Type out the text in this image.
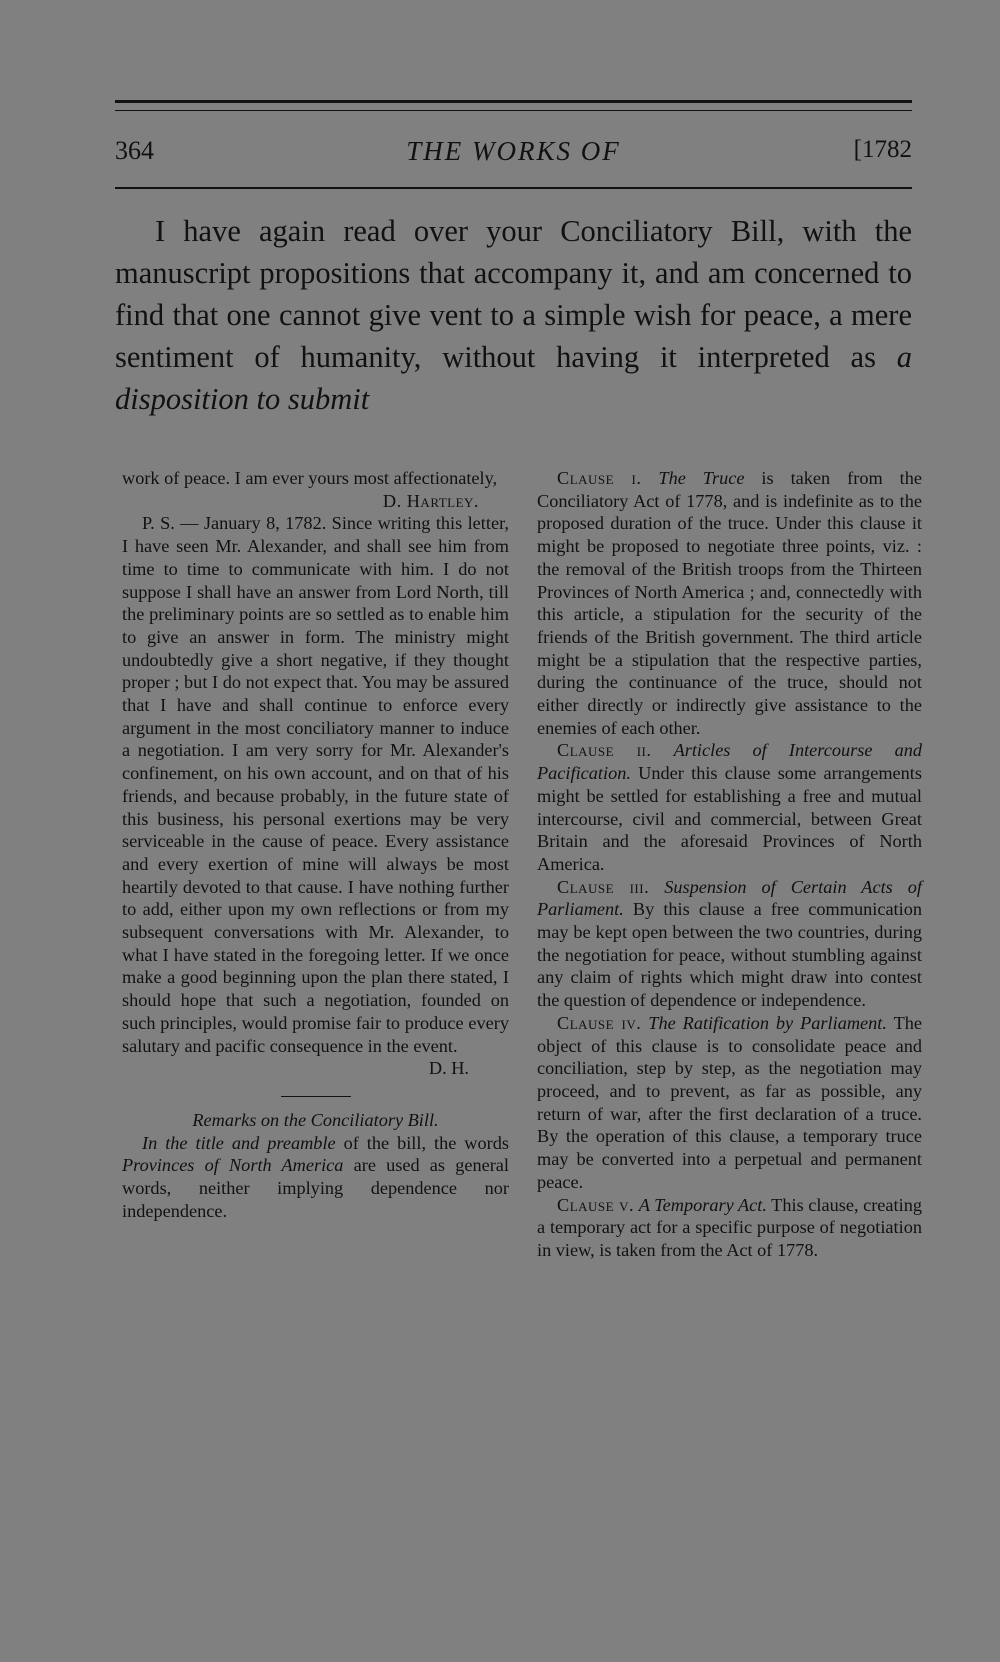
364	THE WORKS OF	[1782

I have again read over your Conciliatory Bill, with the manuscript propositions that accompany it, and am concerned to find that one cannot give vent to a simple wish for peace, a mere sentiment of humanity, without having it interpreted as a disposition to submit

work of peace. I am ever yours most affectionately,
D. Hartley.

P. S. — January 8, 1782. Since writing this letter, I have seen Mr. Alexander, and shall see him from time to time to communicate with him. I do not suppose I shall have an answer from Lord North, till the preliminary points are so settled as to enable him to give an answer in form. The ministry might undoubtedly give a short negative, if they thought proper ; but I do not expect that. You may be assured that I have and shall continue to enforce every argument in the most conciliatory manner to induce a negotiation. I am very sorry for Mr. Alexander's confinement, on his own account, and on that of his friends, and because probably, in the future state of this business, his personal exertions may be very serviceable in the cause of peace. Every assistance and every exertion of mine will always be most heartily devoted to that cause. I have nothing further to add, either upon my own reflections or from my subsequent conversations with Mr. Alexander, to what I have stated in the foregoing letter. If we once make a good beginning upon the plan there stated, I should hope that such a negotiation, founded on such principles, would promise fair to produce every salutary and pacific consequence in the event.

D. H.

Remarks on the Conciliatory Bill.

In the title and preamble of the bill, the words Provinces of North America are used as general words, neither implying dependence nor independence.

Clause i. The Truce is taken from the Conciliatory Act of 1778, and is indefinite as to the proposed duration of the truce. Under this clause it might be proposed to negotiate three points, viz. : the removal of the British troops from the Thirteen Provinces of North America ; and, connectedly with this article, a stipulation for the security of the friends of the British government. The third article might be a stipulation that the respective parties, during the continuance of the truce, should not either directly or indirectly give assistance to the enemies of each other.

Clause ii. Articles of Intercourse and Pacification. Under this clause some arrangements might be settled for establishing a free and mutual intercourse, civil and commercial, between Great Britain and the aforesaid Provinces of North America.

Clause iii. Suspension of Certain Acts of Parliament. By this clause a free communication may be kept open between the two countries, during the negotiation for peace, without stumbling against any claim of rights which might draw into contest the question of dependence or independence.

Clause iv. The Ratification by Parliament. The object of this clause is to consolidate peace and conciliation, step by step, as the negotiation may proceed, and to prevent, as far as possible, any return of war, after the first declaration of a truce. By the operation of this clause, a temporary truce may be converted into a perpetual and permanent peace.

Clause v. A Temporary Act. This clause, creating a temporary act for a specific purpose of negotiation in view, is taken from the Act of 1778.
